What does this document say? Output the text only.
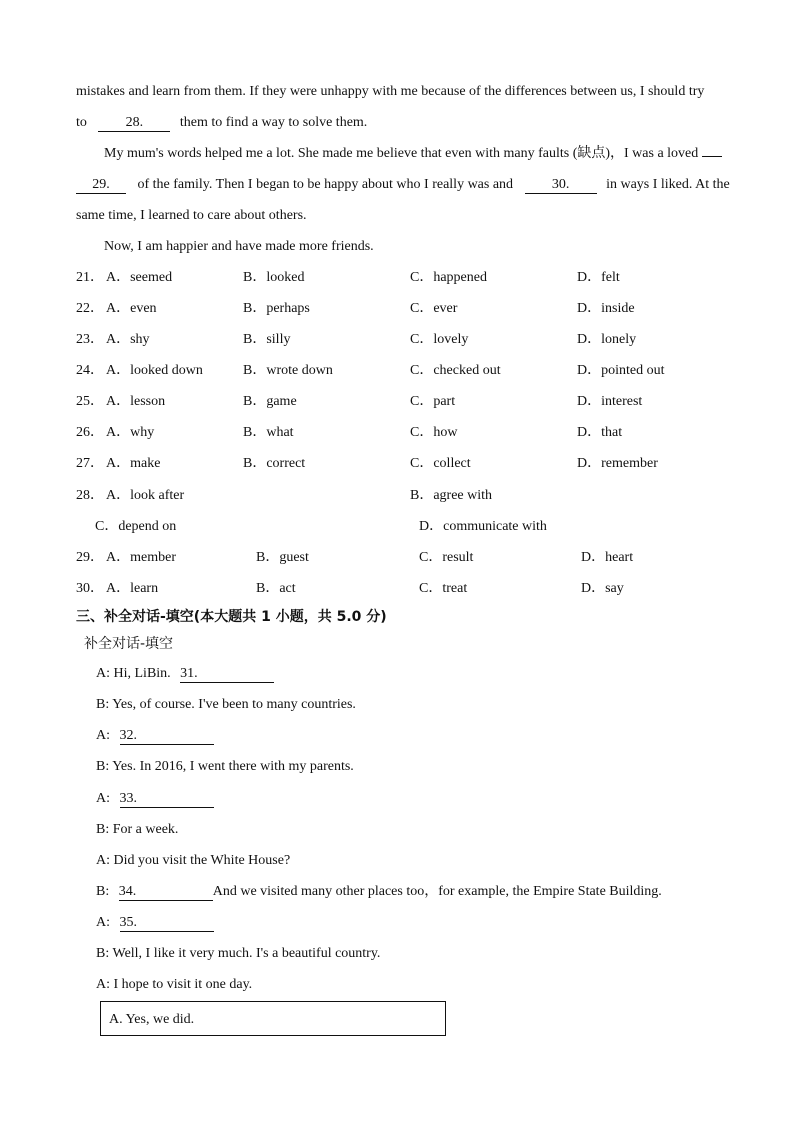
mistakes and learn from them. If they were unhappy with me because of the differences between us, I should try
to	28.	them to find a way to solve them.
My mum's words helped me a lot. She made me believe that even with many faults (缺点)，I was a loved
29. of the family. Then I began to be happy about who I really was and	30.	in ways I liked. At the
same time, I learned to care about others.
Now, I am happier and have made more friends.
21． A．seemed	B．looked	C．happened	D．felt
22． A．even	B．perhaps	C．ever	D．inside
23． A．shy	B．silly	C．lovely	D．lonely
24． A．looked down	B．wrote down	C．checked out	D．pointed out
25． A．lesson	B．game	C．part	D．interest
26． A．why	B．what	C．how	D．that
27． A．make	B．correct	C．collect	D．remember
28． A．look after	B．agree with
C．depend on	D．communicate with
29． A．member	B．guest	C．result	D．heart
30． A．learn	B．act	C．treat	D．say
三、补全对话-填空(本大题共 1 小题，共 5.0 分)
补全对话-填空
A: Hi, LiBin. 31.
B: Yes, of course. I've been to many countries.
A: 32.
B: Yes. In 2016, I went there with my parents.
A: 33.
B: For a week.
A: Did you visit the White House?
B: 34.	And we visited many other places too，for example, the Empire State Building.
A: 35.
B: Well, I like it very much. I's a beautiful country.
A: I hope to visit it one day.
A. Yes, we did.
